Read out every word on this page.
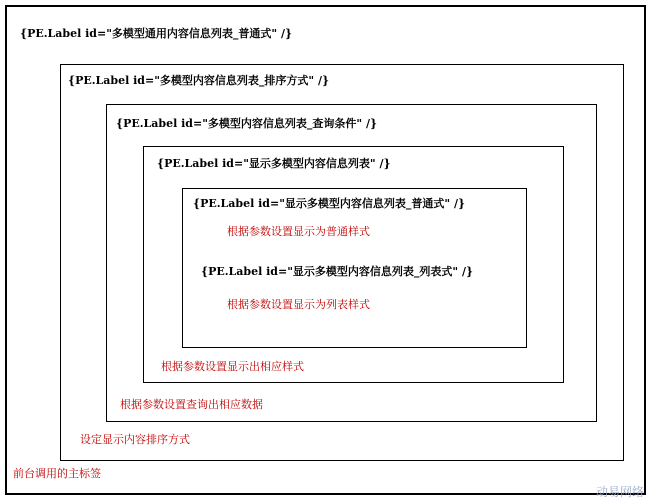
{PE.Label id="多模型通用内容信息列表_普通式" /}
{PE.Label id="多模型内容信息列表_排序方式" /}
{PE.Label id="多模型内容信息列表_查询条件" /}
{PE.Label id="显示多模型内容信息列表" /}
{PE.Label id="显示多模型内容信息列表_普通式" /}
{PE.Label id="显示多模型内容信息列表_列表式" /}
根据参数设置显示为普通样式
根据参数设置显示为列表样式
根据参数设置显示出相应样式
根据参数设置查询出相应数据
设定显示内容排序方式
前台调用的主标签
动易网络
